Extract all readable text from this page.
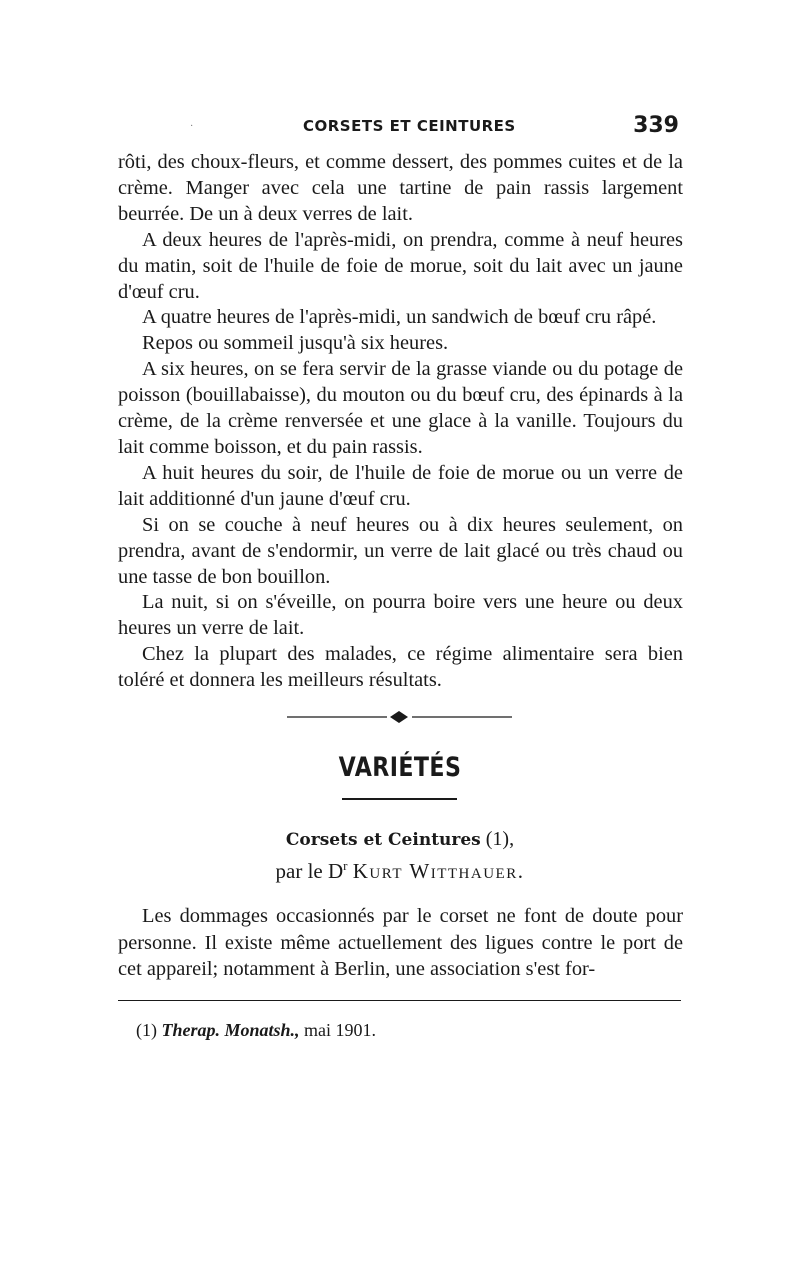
·	CORSETS ET CEINTURES	339

rôti, des choux-fleurs, et comme dessert, des pommes cuites et de la crème. Manger avec cela une tartine de pain rassis largement beurrée. De un à deux verres de lait.

A deux heures de l'après-midi, on prendra, comme à neuf heures du matin, soit de l'huile de foie de morue, soit du lait avec un jaune d'œuf cru.

A quatre heures de l'après-midi, un sandwich de bœuf cru râpé.

Repos ou sommeil jusqu'à six heures.

A six heures, on se fera servir de la grasse viande ou du potage de poisson (bouillabaisse), du mouton ou du bœuf cru, des épinards à la crème, de la crème renversée et une glace à la vanille. Toujours du lait comme boisson, et du pain rassis.

A huit heures du soir, de l'huile de foie de morue ou un verre de lait additionné d'un jaune d'œuf cru.

Si on se couche à neuf heures ou à dix heures seulement, on prendra, avant de s'endormir, un verre de lait glacé ou très chaud ou une tasse de bon bouillon.

La nuit, si on s'éveille, on pourra boire vers une heure ou deux heures un verre de lait.

Chez la plupart des malades, ce régime alimentaire sera bien toléré et donnera les meilleurs résultats.

VARIÉTÉS
Corsets et Ceintures (1),
par le $D^r$ Kurt Witthauer.

Les dommages occasionnés par le corset ne font de doute pour personne. Il existe même actuellement des ligues contre le port de cet appareil; notamment à Berlin, une association s'est for-

(1) Therap. Monatsh., mai 1901.
